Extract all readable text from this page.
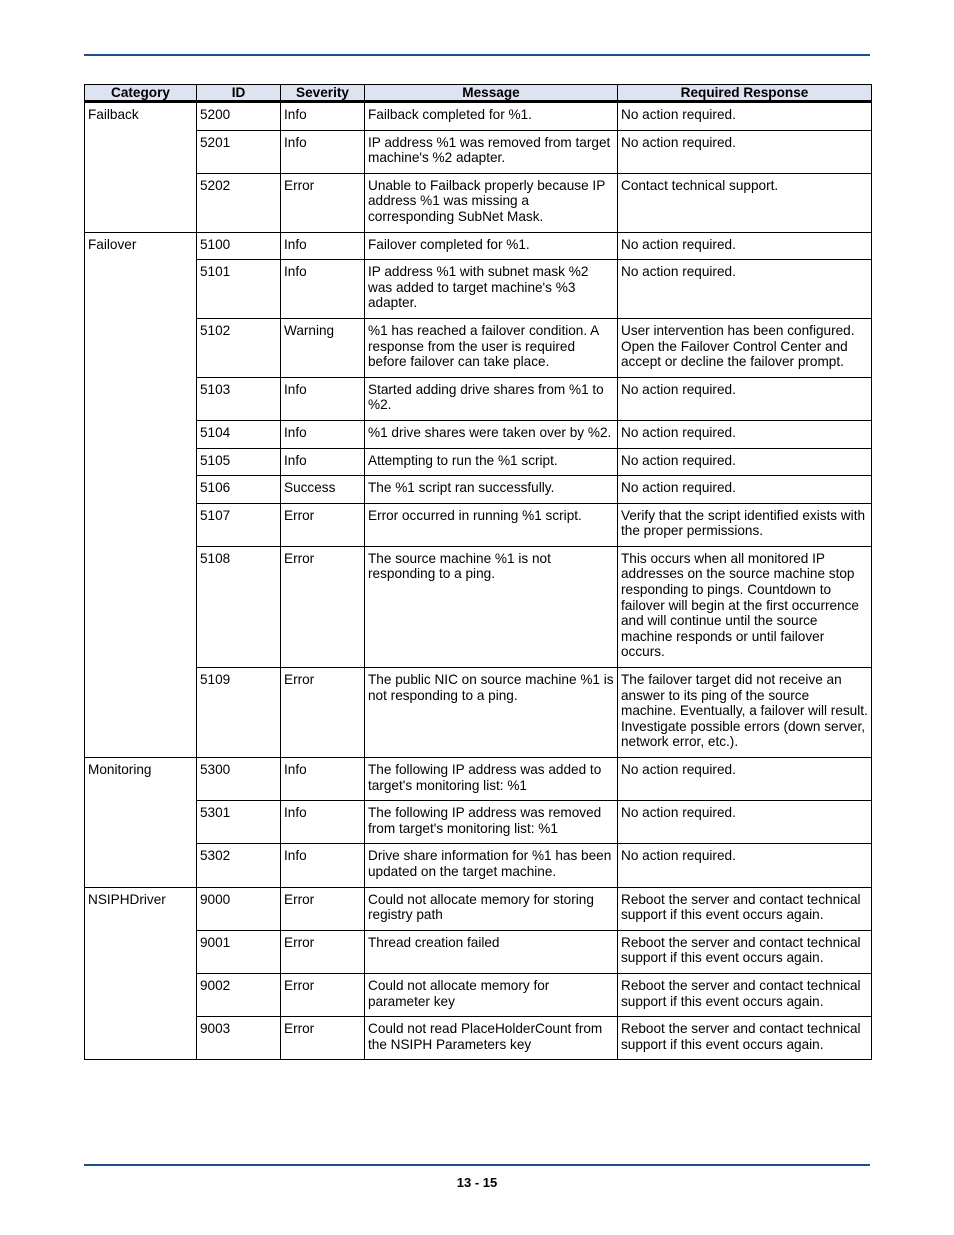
Category	ID	Severity	Message	Required Response
Failback	5200	Info	Failback completed for %1.	No action required.
	5201	Info	IP address %1 was removed from target machine's %2 adapter.	No action required.
	5202	Error	Unable to Failback properly because IP address %1 was missing a corresponding SubNet Mask.	Contact technical support.
Failover	5100	Info	Failover completed for %1.	No action required.
	5101	Info	IP address %1 with subnet mask %2 was added to target machine's %3 adapter.	No action required.
	5102	Warning	%1 has reached a failover condition. A response from the user is required before failover can take place.	User intervention has been configured. Open the Failover Control Center and accept or decline the failover prompt.
	5103	Info	Started adding drive shares from %1 to %2.	No action required.
	5104	Info	%1 drive shares were taken over by %2.	No action required.
	5105	Info	Attempting to run the %1 script.	No action required.
	5106	Success	The %1 script ran successfully.	No action required.
	5107	Error	Error occurred in running %1 script.	Verify that the script identified exists with the proper permissions.
	5108	Error	The source machine %1 is not responding to a ping.	This occurs when all monitored IP addresses on the source machine stop responding to pings. Countdown to failover will begin at the first occurrence and will continue until the source machine responds or until failover occurs.
	5109	Error	The public NIC on source machine %1 is not responding to a ping.	The failover target did not receive an answer to its ping of the source machine. Eventually, a failover will result. Investigate possible errors (down server, network error, etc.).
Monitoring	5300	Info	The following IP address was added to target's monitoring list: %1	No action required.
	5301	Info	The following IP address was removed from target's monitoring list: %1	No action required.
	5302	Info	Drive share information for %1 has been updated on the target machine.	No action required.
NSIPHDriver	9000	Error	Could not allocate memory for storing registry path	Reboot the server and contact technical support if this event occurs again.
	9001	Error	Thread creation failed	Reboot the server and contact technical support if this event occurs again.
	9002	Error	Could not allocate memory for parameter key	Reboot the server and contact technical support if this event occurs again.
	9003	Error	Could not read PlaceHolderCount from the NSIPH Parameters key	Reboot the server and contact technical support if this event occurs again.
13 - 15
